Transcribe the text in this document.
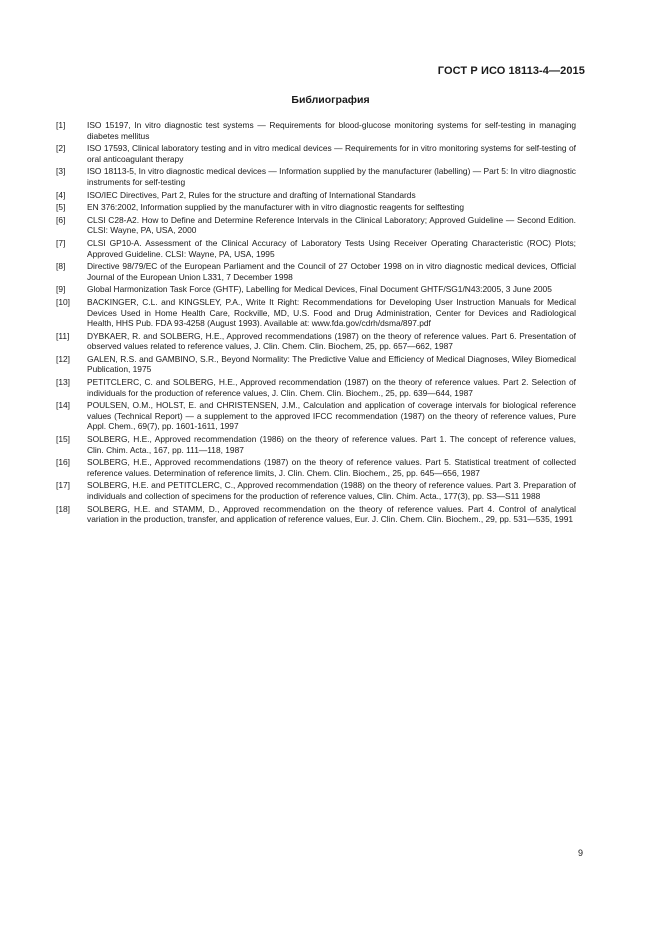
ГОСТ Р ИСО 18113-4—2015
Библиография
[1]	ISO 15197, In vitro diagnostic test systems — Requirements for blood-glucose monitoring systems for self-testing in managing diabetes mellitus
[2]	ISO 17593, Clinical laboratory testing and in vitro medical devices — Requirements for in vitro monitoring systems for self-testing of oral anticoagulant therapy
[3]	ISO 18113-5, In vitro diagnostic medical devices — Information supplied by the manufacturer (labelling) — Part 5: In vitro diagnostic instruments for self-testing
[4]	ISO/IEC Directives, Part 2, Rules for the structure and drafting of International Standards
[5]	EN 376:2002, Information supplied by the manufacturer with in vitro diagnostic reagents for selftesting
[6]	CLSI C28-A2. How to Define and Determine Reference Intervals in the Clinical Laboratory; Approved Guideline — Second Edition. CLSI: Wayne, PA, USA, 2000
[7]	CLSI GP10-A. Assessment of the Clinical Accuracy of Laboratory Tests Using Receiver Operating Characteristic (ROC) Plots; Approved Guideline. CLSI: Wayne, PA, USA, 1995
[8]	Directive 98/79/EC of the European Parliament and the Council of 27 October 1998 on in vitro diagnostic medical devices, Official Journal of the European Union L331, 7 December 1998
[9]	Global Harmonization Task Force (GHTF), Labelling for Medical Devices, Final Document GHTF/SG1/N43:2005, 3 June 2005
[10]	BACKINGER, C.L. and KINGSLEY, P.A., Write It Right: Recommendations for Developing User Instruction Manuals for Medical Devices Used in Home Health Care, Rockville, MD, U.S. Food and Drug Administration, Center for Devices and Radiological Health, HHS Pub. FDA 93-4258 (August 1993). Available at: www.fda.gov/cdrh/dsma/897.pdf
[11]	DYBKAER, R. and SOLBERG, H.E., Approved recommendations (1987) on the theory of reference values. Part 6. Presentation of observed values related to reference values, J. Clin. Chem. Clin. Biochem, 25, pp. 657—662, 1987
[12]	GALEN, R.S. and GAMBINO, S.R., Beyond Normality: The Predictive Value and Efficiency of Medical Diagnoses, Wiley Biomedical Publication, 1975
[13]	PETITCLERC, C. and SOLBERG, H.E., Approved recommendation (1987) on the theory of reference values. Part 2. Selection of individuals for the production of reference values, J. Clin. Chem. Clin. Biochem., 25, pp. 639—644, 1987
[14]	POULSEN, O.M., HOLST, E. and CHRISTENSEN, J.M., Calculation and application of coverage intervals for biological reference values (Technical Report) — a supplement to the approved IFCC recommendation (1987) on the theory of reference values, Pure Appl. Chem., 69(7), pp. 1601-1611, 1997
[15]	SOLBERG, H.E., Approved recommendation (1986) on the theory of reference values. Part 1. The concept of reference values, Clin. Chim. Acta., 167, pp. 111—118, 1987
[16]	SOLBERG, H.E., Approved recommendations (1987) on the theory of reference values. Part 5. Statistical treatment of collected reference values. Determination of reference limits, J. Clin. Chem. Clin. Biochem., 25, pp. 645—656, 1987
[17]	SOLBERG, H.E. and PETITCLERC, C., Approved recommendation (1988) on the theory of reference values. Part 3. Preparation of individuals and collection of specimens for the production of reference values, Clin. Chim. Acta., 177(3), pp. S3—S11 1988
[18]	SOLBERG, H.E. and STAMM, D., Approved recommendation on the theory of reference values. Part 4. Control of analytical variation in the production, transfer, and application of reference values, Eur. J. Clin. Chem. Clin. Biochem., 29, pp. 531—535, 1991
9
